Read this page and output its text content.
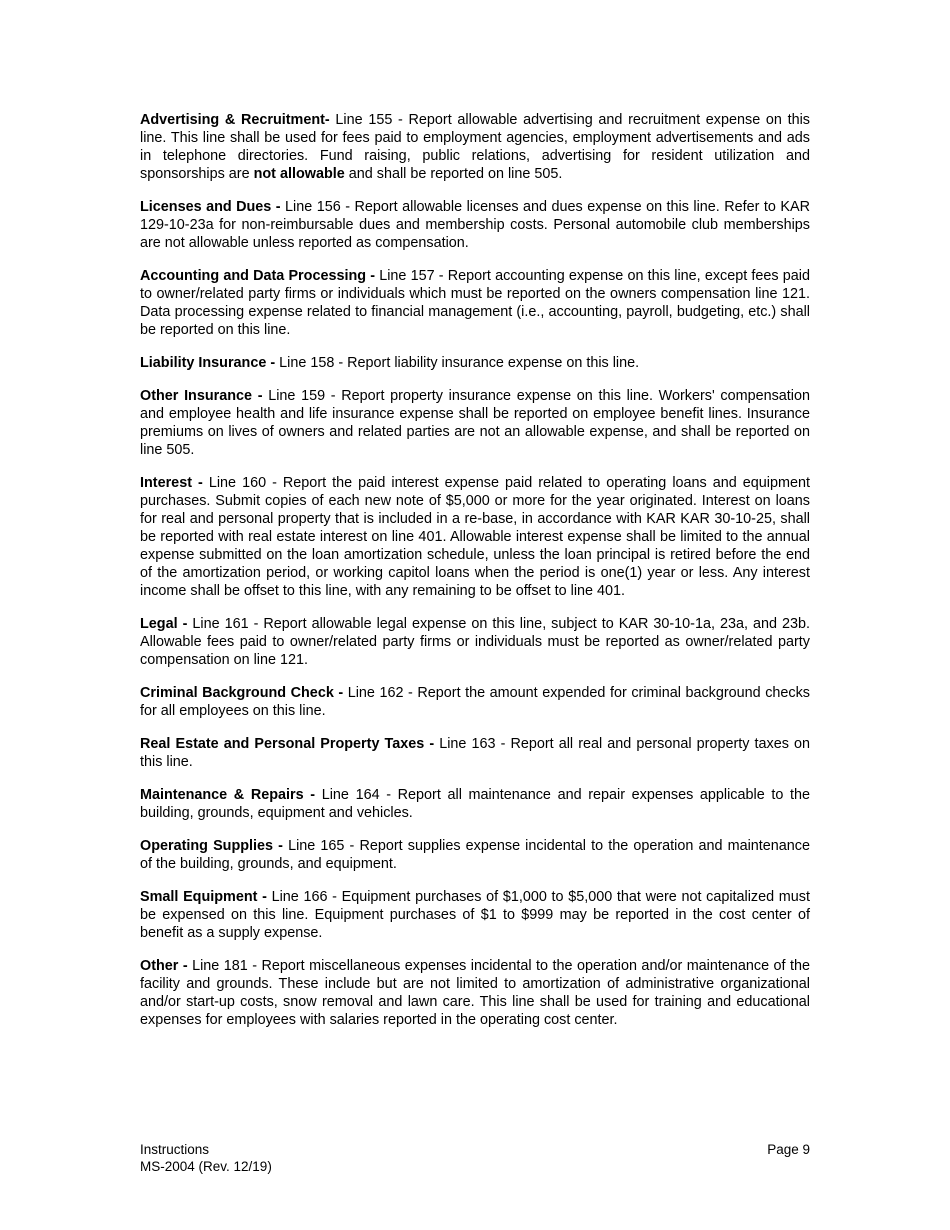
Advertising & Recruitment- Line 155 - Report allowable advertising and recruitment expense on this line. This line shall be used for fees paid to employment agencies, employment advertisements and ads in telephone directories. Fund raising, public relations, advertising for resident utilization and sponsorships are not allowable and shall be reported on line 505.

Licenses and Dues - Line 156 - Report allowable licenses and dues expense on this line. Refer to KAR 129-10-23a for non-reimbursable dues and membership costs. Personal automobile club memberships are not allowable unless reported as compensation.

Accounting and Data Processing - Line 157 - Report accounting expense on this line, except fees paid to owner/related party firms or individuals which must be reported on the owners compensation line 121. Data processing expense related to financial management (i.e., accounting, payroll, budgeting, etc.) shall be reported on this line.

Liability Insurance - Line 158 - Report liability insurance expense on this line.

Other Insurance - Line 159 - Report property insurance expense on this line. Workers' compensation and employee health and life insurance expense shall be reported on employee benefit lines. Insurance premiums on lives of owners and related parties are not an allowable expense, and shall be reported on line 505.

Interest - Line 160 - Report the paid interest expense paid related to operating loans and equipment purchases. Submit copies of each new note of $5,000 or more for the year originated. Interest on loans for real and personal property that is included in a re-base, in accordance with KAR KAR 30-10-25, shall be reported with real estate interest on line 401. Allowable interest expense shall be limited to the annual expense submitted on the loan amortization schedule, unless the loan principal is retired before the end of the amortization period, or working capitol loans when the period is one(1) year or less. Any interest income shall be offset to this line, with any remaining to be offset to line 401.

Legal - Line 161 - Report allowable legal expense on this line, subject to KAR 30-10-1a, 23a, and 23b. Allowable fees paid to owner/related party firms or individuals must be reported as owner/related party compensation on line 121.

Criminal Background Check - Line 162 - Report the amount expended for criminal background checks for all employees on this line.

Real Estate and Personal Property Taxes - Line 163 - Report all real and personal property taxes on this line.

Maintenance & Repairs - Line 164 - Report all maintenance and repair expenses applicable to the building, grounds, equipment and vehicles.

Operating Supplies - Line 165 - Report supplies expense incidental to the operation and maintenance of the building, grounds, and equipment.

Small Equipment - Line 166 - Equipment purchases of $1,000 to $5,000 that were not capitalized must be expensed on this line. Equipment purchases of $1 to $999 may be reported in the cost center of benefit as a supply expense.

Other - Line 181 - Report miscellaneous expenses incidental to the operation and/or maintenance of the facility and grounds. These include but are not limited to amortization of administrative organizational and/or start-up costs, snow removal and lawn care. This line shall be used for training and educational expenses for employees with salaries reported in the operating cost center.

Instructions	Page 9
MS-2004 (Rev. 12/19)
